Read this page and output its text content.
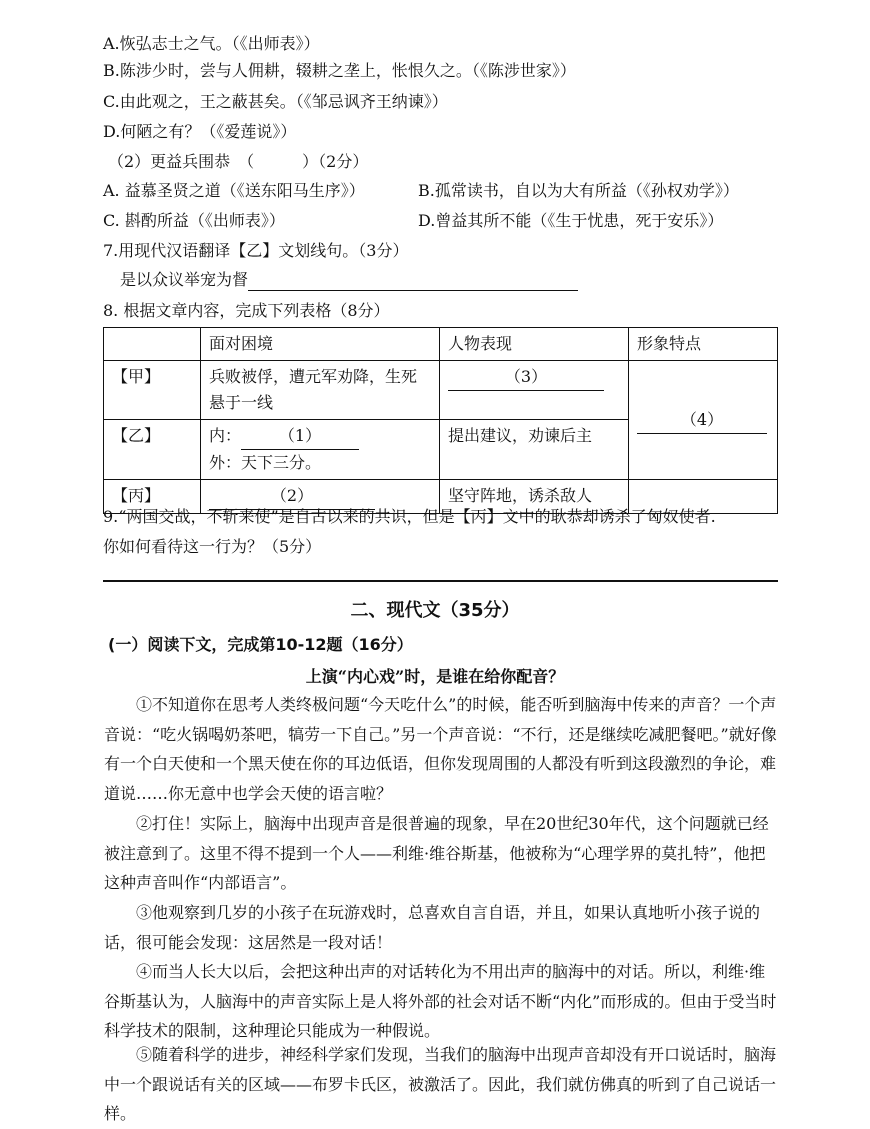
A.恢弘志士之气。（《出师表》）
B.陈涉少时，尝与人佣耕，辍耕之垄上，怅恨久之。（《陈涉世家》）
C.由此观之，王之蔽甚矣。（《邹忌讽齐王纳谏》）
D.何陋之有？（《爱莲说》）
（2）更益兵围恭　（　　　）（2分）
A. 益慕圣贤之道（《送东阳马生序》）	B.孤常读书，自以为大有所益（《孙权劝学》）
C. 斟酌所益（《出师表》）	D.曾益其所不能（《生于忧患，死于安乐》）
7.用现代汉语翻译【乙】文划线句。（3分）
是以众议举宠为督
8. 根据文章内容，完成下列表格（8分）
	面对困境	人物表现	形象特点
【甲】	兵败被俘，遭元军劝降，生死悬于一线	（3）	（4）
【乙】	内： （1）
外：天下三分。	提出建议，劝谏后主	
【丙】	（2）	坚守阵地，诱杀敌人	
9.“两国交战，不斩来使”是自古以来的共识，但是【丙】文中的耿恭却诱杀了匈奴使者.
你如何看待这一行为？（5分）
二、现代文（35分）
(一）阅读下文，完成第10-12题（16分）
上演“内心戏”时，是谁在给你配音？
①不知道你在思考人类终极问题“今天吃什么”的时候，能否听到脑海中传来的声音？一个声音说：“吃火锅喝奶茶吧，犒劳一下自己。”另一个声音说：“不行，还是继续吃减肥餐吧。”就好像有一个白天使和一个黑天使在你的耳边低语，但你发现周围的人都没有听到这段激烈的争论，难道说……你无意中也学会天使的语言啦？
②打住！实际上，脑海中出现声音是很普遍的现象，早在20世纪30年代，这个问题就已经被注意到了。这里不得不提到一个人——利维·维谷斯基，他被称为“心理学界的莫扎特”，他把这种声音叫作“内部语言”。
③他观察到几岁的小孩子在玩游戏时，总喜欢自言自语，并且，如果认真地听小孩子说的话，很可能会发现：这居然是一段对话！
④而当人长大以后，会把这种出声的对话转化为不用出声的脑海中的对话。所以，利维·维谷斯基认为，人脑海中的声音实际上是人将外部的社会对话不断“内化”而形成的。但由于受当时科学技术的限制，这种理论只能成为一种假说。
⑤随着科学的进步，神经科学家们发现，当我们的脑海中出现声音却没有开口说话时，脑海中一个跟说话有关的区域——布罗卡氏区，被激活了。因此，我们就仿佛真的听到了自己说话一样。
